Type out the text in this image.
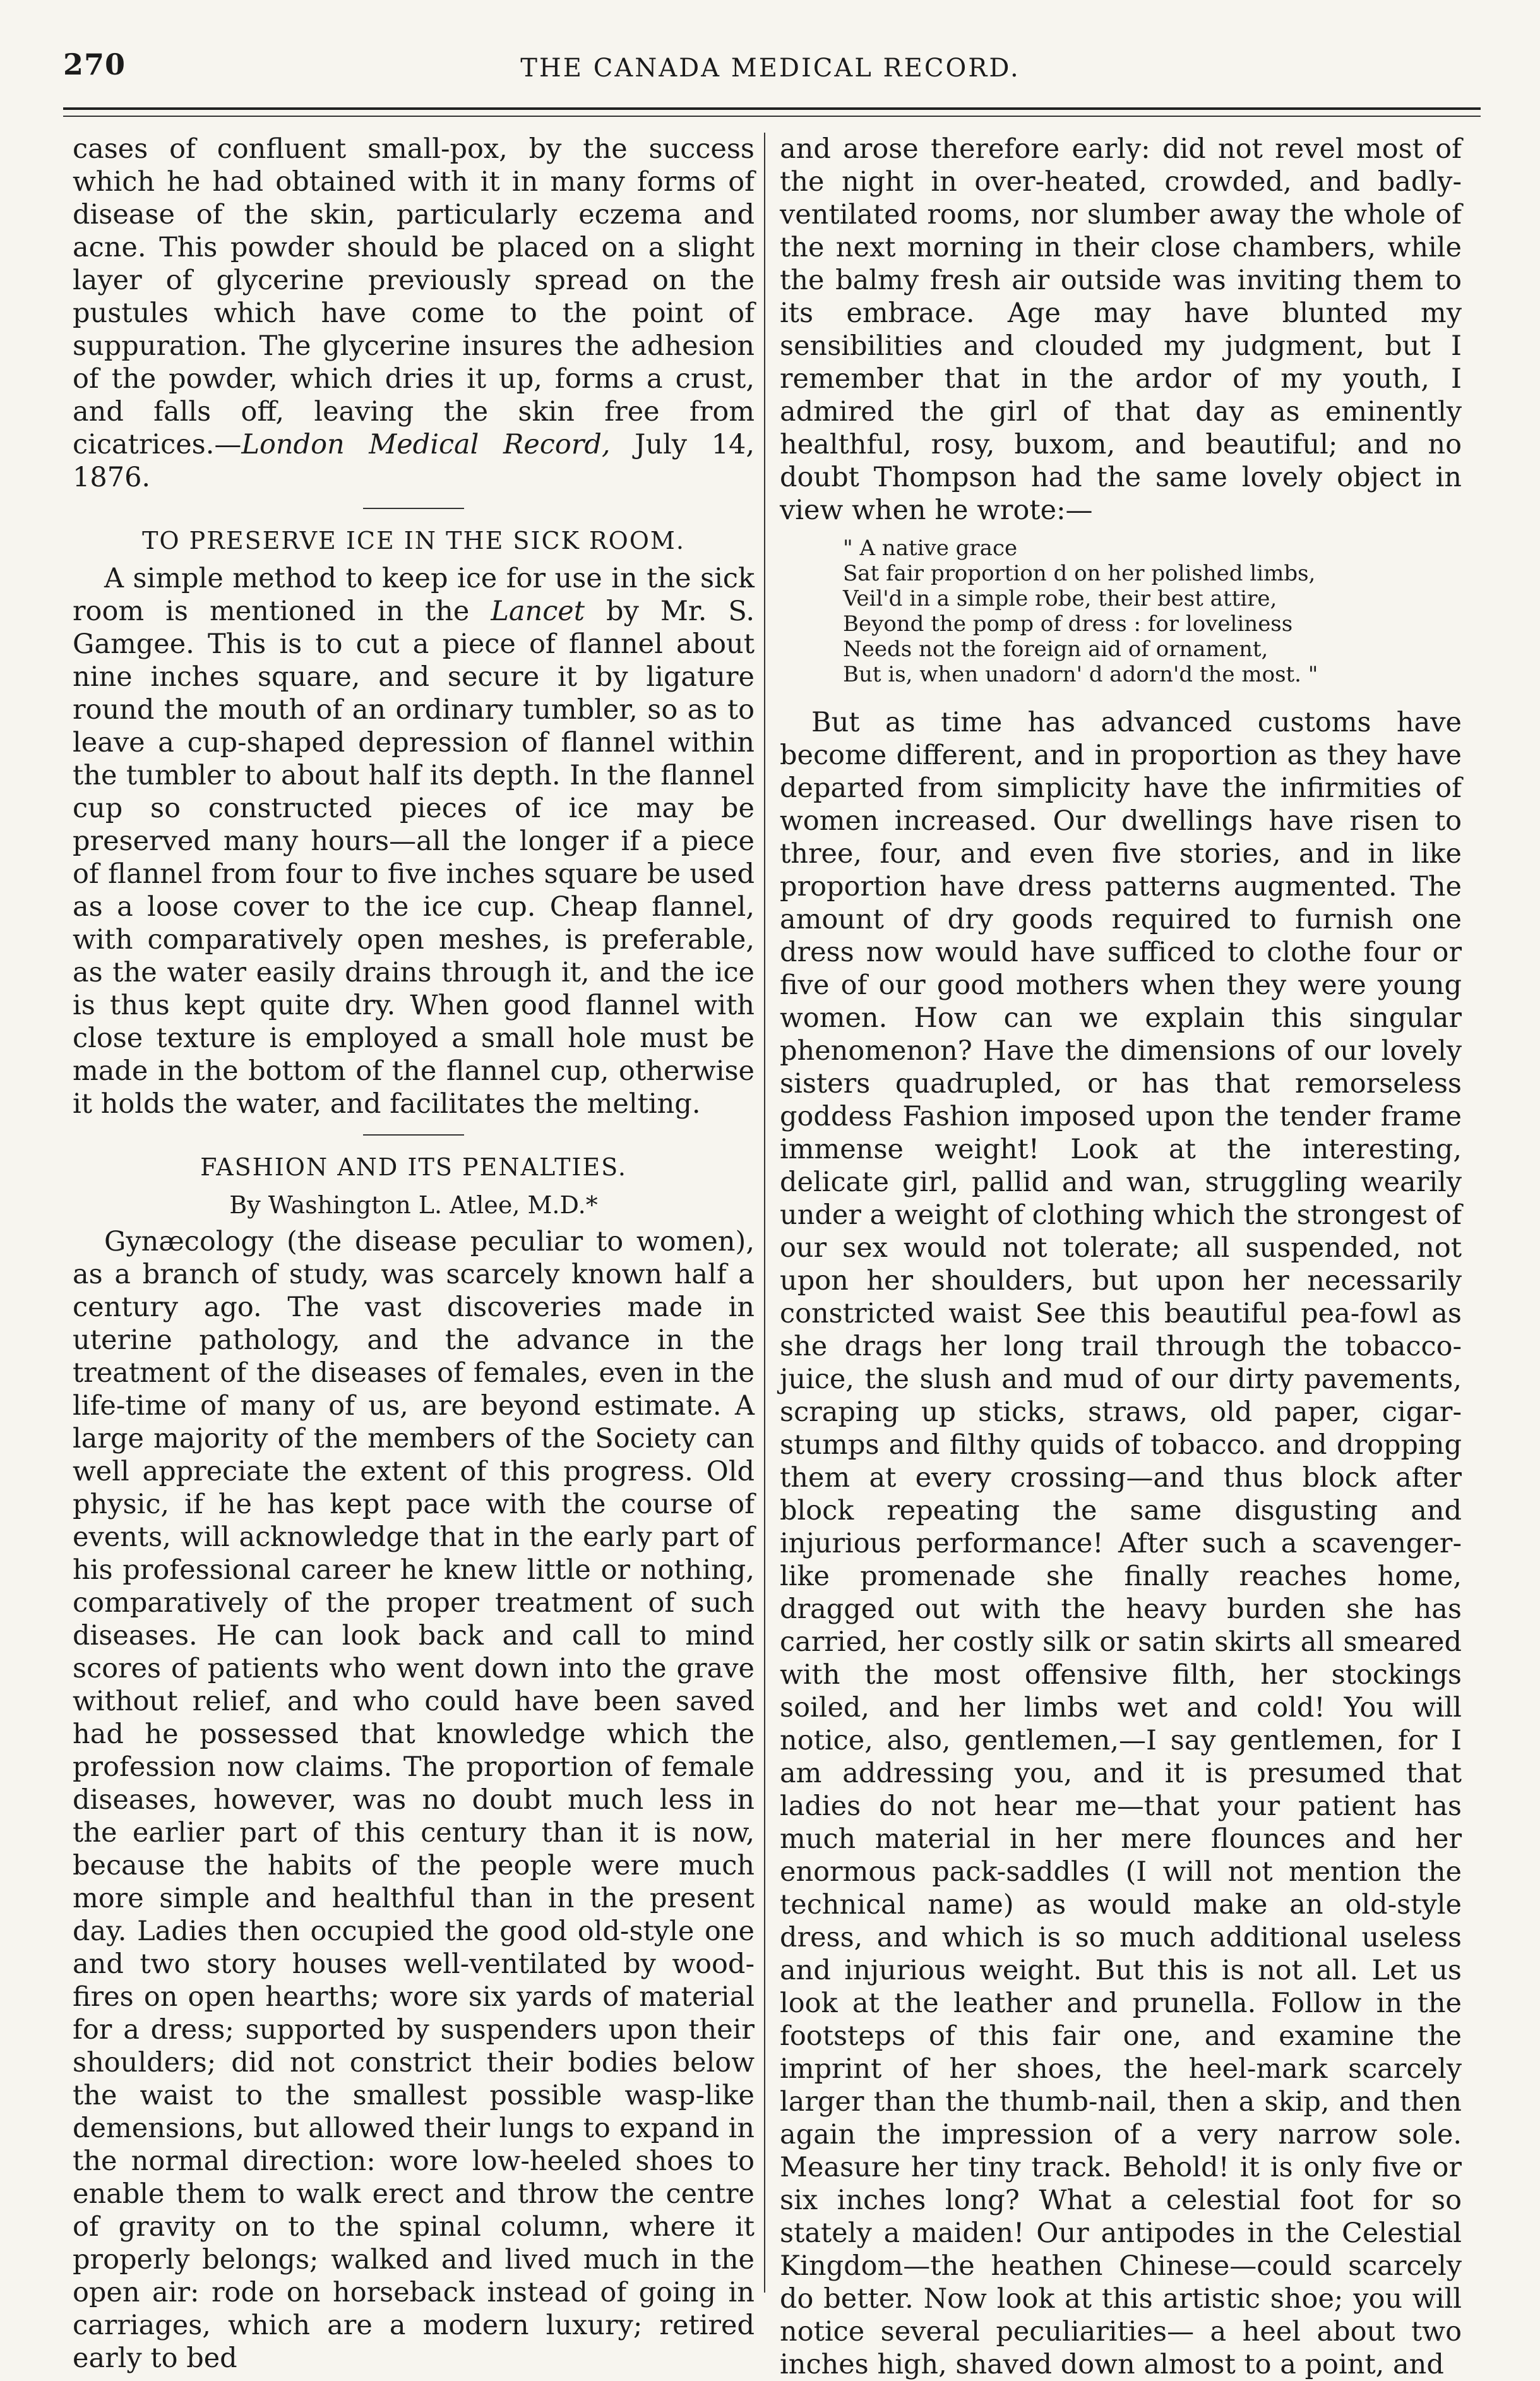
270	THE CANADA MEDICAL RECORD.

cases of confluent small-pox, by the success which he had obtained with it in many forms of disease of the skin, particularly eczema and acne. This powder should be placed on a slight layer of glycerine previously spread on the pustules which have come to the point of suppuration. The glycerine insures the adhesion of the powder, which dries it up, forms a crust, and falls off, leaving the skin free from cicatrices.—London Medical Record, July 14, 1876.

TO PRESERVE ICE IN THE SICK ROOM.

A simple method to keep ice for use in the sick room is mentioned in the Lancet by Mr. S. Gamgee. This is to cut a piece of flannel about nine inches square, and secure it by ligature round the mouth of an ordinary tumbler, so as to leave a cup-shaped depression of flannel within the tumbler to about half its depth. In the flannel cup so constructed pieces of ice may be preserved many hours—all the longer if a piece of flannel from four to five inches square be used as a loose cover to the ice cup. Cheap flannel, with comparatively open meshes, is preferable, as the water easily drains through it, and the ice is thus kept quite dry. When good flannel with close texture is employed a small hole must be made in the bottom of the flannel cup, otherwise it holds the water, and facilitates the melting.

FASHION AND ITS PENALTIES.
By Washington L. Atlee, M.D.*

Gynæcology (the disease peculiar to women), as a branch of study, was scarcely known half a century ago. The vast discoveries made in uterine pathology, and the advance in the treatment of the diseases of females, even in the life-time of many of us, are beyond estimate. A large majority of the members of the Society can well appreciate the extent of this progress. Old physic, if he has kept pace with the course of events, will acknowledge that in the early part of his professional career he knew little or nothing, comparatively of the proper treatment of such diseases. He can look back and call to mind scores of patients who went down into the grave without relief, and who could have been saved had he possessed that knowledge which the profession now claims. The proportion of female diseases, however, was no doubt much less in the earlier part of this century than it is now, because the habits of the people were much more simple and healthful than in the present day. Ladies then occupied the good old-style one and two story houses well-ventilated by wood-fires on open hearths; wore six yards of material for a dress; supported by suspenders upon their shoulders; did not constrict their bodies below the waist to the smallest possible wasp-like demensions, but allowed their lungs to expand in the normal direction: wore low-heeled shoes to enable them to walk erect and throw the centre of gravity on to the spinal column, where it properly belongs; walked and lived much in the open air: rode on horseback instead of going in carriages, which are a modern luxury; retired early to bed

and arose therefore early: did not revel most of the night in over-heated, crowded, and badly-ventilated rooms, nor slumber away the whole of the next morning in their close chambers, while the balmy fresh air outside was inviting them to its embrace. Age may have blunted my sensibilities and clouded my judgment, but I remember that in the ardor of my youth, I admired the girl of that day as eminently healthful, rosy, buxom, and beautiful; and no doubt Thompson had the same lovely object in view when he wrote:—

" A native grace
Sat fair proportion d on her polished limbs,
Veil'd in a simple robe, their best attire,
Beyond the pomp of dress : for loveliness
Needs not the foreign aid of ornament,
But is, when unadorn' d adorn'd the most. "

But as time has advanced customs have become different, and in proportion as they have departed from simplicity have the infirmities of women increased. Our dwellings have risen to three, four, and even five stories, and in like proportion have dress patterns augmented. The amount of dry goods required to furnish one dress now would have sufficed to clothe four or five of our good mothers when they were young women. How can we explain this singular phenomenon? Have the dimensions of our lovely sisters quadrupled, or has that remorseless goddess Fashion imposed upon the tender frame immense weight! Look at the interesting, delicate girl, pallid and wan, struggling wearily under a weight of clothing which the strongest of our sex would not tolerate; all suspended, not upon her shoulders, but upon her necessarily constricted waist See this beautiful pea-fowl as she drags her long trail through the tobacco-juice, the slush and mud of our dirty pavements, scraping up sticks, straws, old paper, cigar-stumps and filthy quids of tobacco. and dropping them at every crossing—and thus block after block repeating the same disgusting and injurious performance! After such a scavenger-like promenade she finally reaches home, dragged out with the heavy burden she has carried, her costly silk or satin skirts all smeared with the most offensive filth, her stockings soiled, and her limbs wet and cold! You will notice, also, gentlemen,—I say gentlemen, for I am addressing you, and it is presumed that ladies do not hear me—that your patient has much material in her mere flounces and her enormous pack-saddles (I will not mention the technical name) as would make an old-style dress, and which is so much additional useless and injurious weight. But this is not all. Let us look at the leather and prunella. Follow in the footsteps of this fair one, and examine the imprint of her shoes, the heel-mark scarcely larger than the thumb-nail, then a skip, and then again the impression of a very narrow sole. Measure her tiny track. Behold! it is only five or six inches long? What a celestial foot for so stately a maiden! Our antipodes in the Celestial Kingdom—the heathen Chinese—could scarcely do better. Now look at this artistic shoe; you will notice several peculiarities— a heel about two inches high, shaved down almost to a point, and
